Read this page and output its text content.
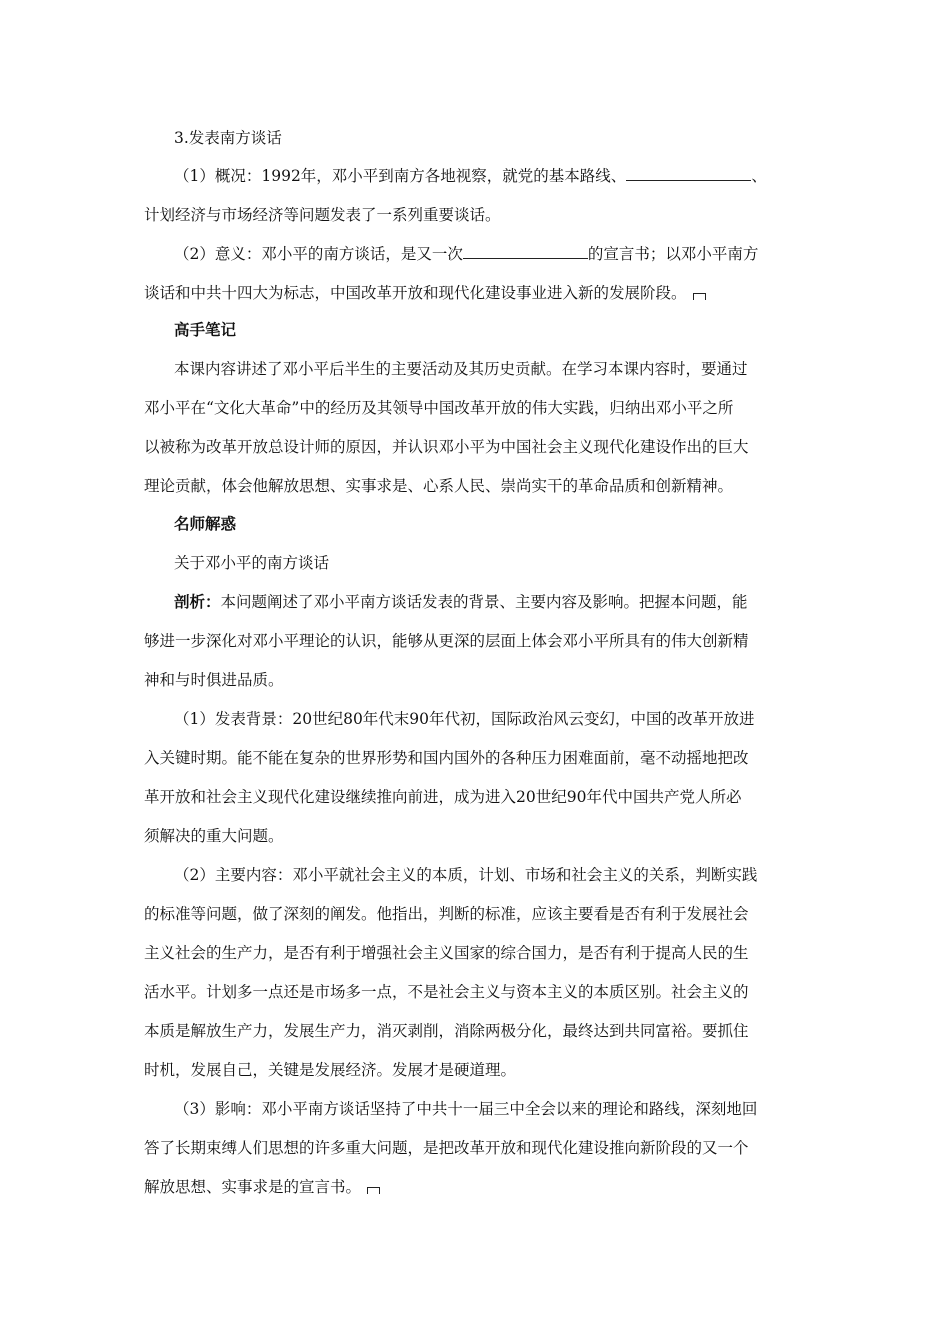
3.发表南方谈话

（1）概况：1992年，邓小平到南方各地视察，就党的基本路线、	、

计划经济与市场经济等问题发表了一系列重要谈话。

（2）意义：邓小平的南方谈话，是又一次	的宣言书；以邓小平南方

谈话和中共十四大为标志，中国改革开放和现代化建设事业进入新的发展阶段。

高手笔记

本课内容讲述了邓小平后半生的主要活动及其历史贡献。在学习本课内容时，要通过

邓小平在“文化大革命”中的经历及其领导中国改革开放的伟大实践，归纳出邓小平之所

以被称为改革开放总设计师的原因，并认识邓小平为中国社会主义现代化建设作出的巨大

理论贡献，体会他解放思想、实事求是、心系人民、崇尚实干的革命品质和创新精神。

名师解惑

关于邓小平的南方谈话

剖析：本问题阐述了邓小平南方谈话发表的背景、主要内容及影响。把握本问题，能

够进一步深化对邓小平理论的认识，能够从更深的层面上体会邓小平所具有的伟大创新精

神和与时俱进品质。

（1）发表背景：20世纪80年代末90年代初，国际政治风云变幻，中国的改革开放进

入关键时期。能不能在复杂的世界形势和国内国外的各种压力困难面前，毫不动摇地把改

革开放和社会主义现代化建设继续推向前进，成为进入20世纪90年代中国共产党人所必

须解决的重大问题。

（2）主要内容：邓小平就社会主义的本质，计划、市场和社会主义的关系，判断实践

的标准等问题，做了深刻的阐发。他指出，判断的标准，应该主要看是否有利于发展社会

主义社会的生产力，是否有利于增强社会主义国家的综合国力，是否有利于提高人民的生

活水平。计划多一点还是市场多一点，不是社会主义与资本主义的本质区别。社会主义的

本质是解放生产力，发展生产力，消灭剥削，消除两极分化，最终达到共同富裕。要抓住

时机，发展自己，关键是发展经济。发展才是硬道理。

（3）影响：邓小平南方谈话坚持了中共十一届三中全会以来的理论和路线，深刻地回

答了长期束缚人们思想的许多重大问题，是把改革开放和现代化建设推向新阶段的又一个

解放思想、实事求是的宣言书。
